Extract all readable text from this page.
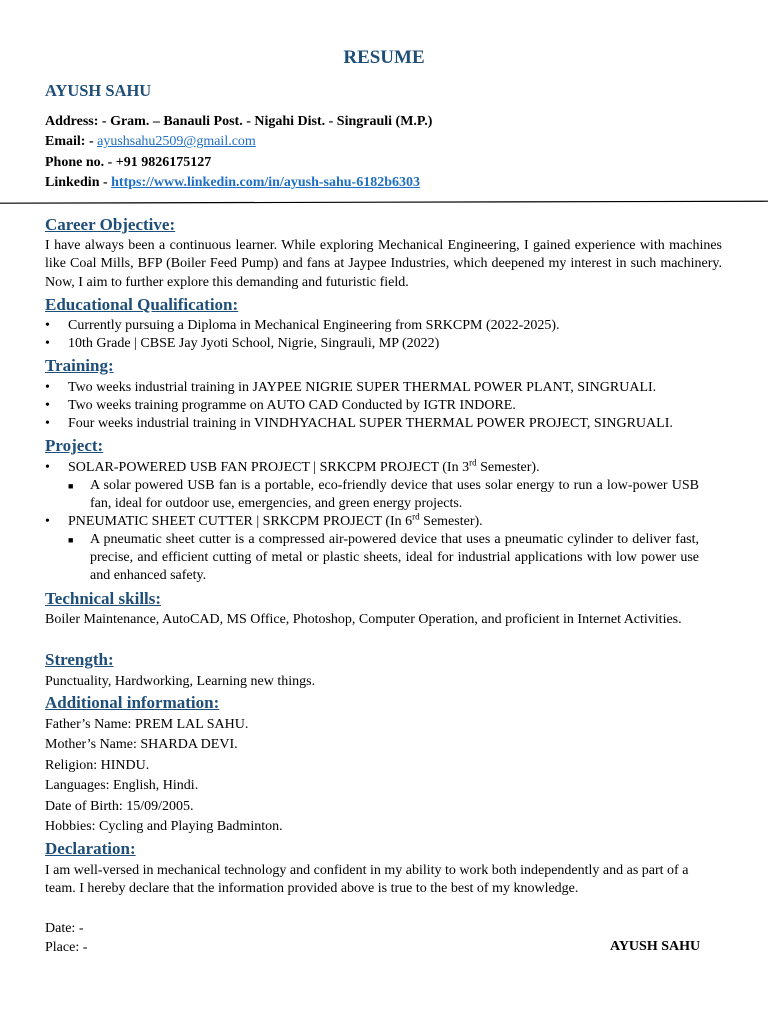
RESUME
AYUSH SAHU
Address: - Gram. – Banauli Post. - Nigahi Dist. - Singrauli (M.P.)
Email: - ayushsahu2509@gmail.com
Phone no. - +91 9826175127
Linkedin - https://www.linkedin.com/in/ayush-sahu-6182b6303
Career Objective:
I have always been a continuous learner. While exploring Mechanical Engineering, I gained experience with machines like Coal Mills, BFP (Boiler Feed Pump) and fans at Jaypee Industries, which deepened my interest in such machinery. Now, I aim to further explore this demanding and futuristic field.
Educational Qualification:
• Currently pursuing a Diploma in Mechanical Engineering from SRKCPM (2022-2025).
• 10th Grade | CBSE Jay Jyoti School, Nigrie, Singrauli, MP (2022)
Training:
• Two weeks industrial training in JAYPEE NIGRIE SUPER THERMAL POWER PLANT, SINGRUALI.
• Two weeks training programme on AUTO CAD Conducted by IGTR INDORE.
• Four weeks industrial training in VINDHYACHAL SUPER THERMAL POWER PROJECT, SINGRUALI.
Project:
• SOLAR-POWERED USB FAN PROJECT | SRKCPM PROJECT (In 3rd Semester).
■ A solar powered USB fan is a portable, eco-friendly device that uses solar energy to run a low-power USB fan, ideal for outdoor use, emergencies, and green energy projects.
• PNEUMATIC SHEET CUTTER | SRKCPM PROJECT (In 6rd Semester).
■ A pneumatic sheet cutter is a compressed air-powered device that uses a pneumatic cylinder to deliver fast, precise, and efficient cutting of metal or plastic sheets, ideal for industrial applications with low power use and enhanced safety.
Technical skills:
Boiler Maintenance, AutoCAD, MS Office, Photoshop, Computer Operation, and proficient in Internet Activities.
Strength:
Punctuality, Hardworking, Learning new things.
Additional information:
Father’s Name: PREM LAL SAHU.
Mother’s Name: SHARDA DEVI.
Religion: HINDU.
Languages: English, Hindi.
Date of Birth: 15/09/2005.
Hobbies: Cycling and Playing Badminton.
Declaration:
I am well-versed in mechanical technology and confident in my ability to work both independently and as part of a team. I hereby declare that the information provided above is true to the best of my knowledge.
Date: -
Place: -	AYUSH SAHU
